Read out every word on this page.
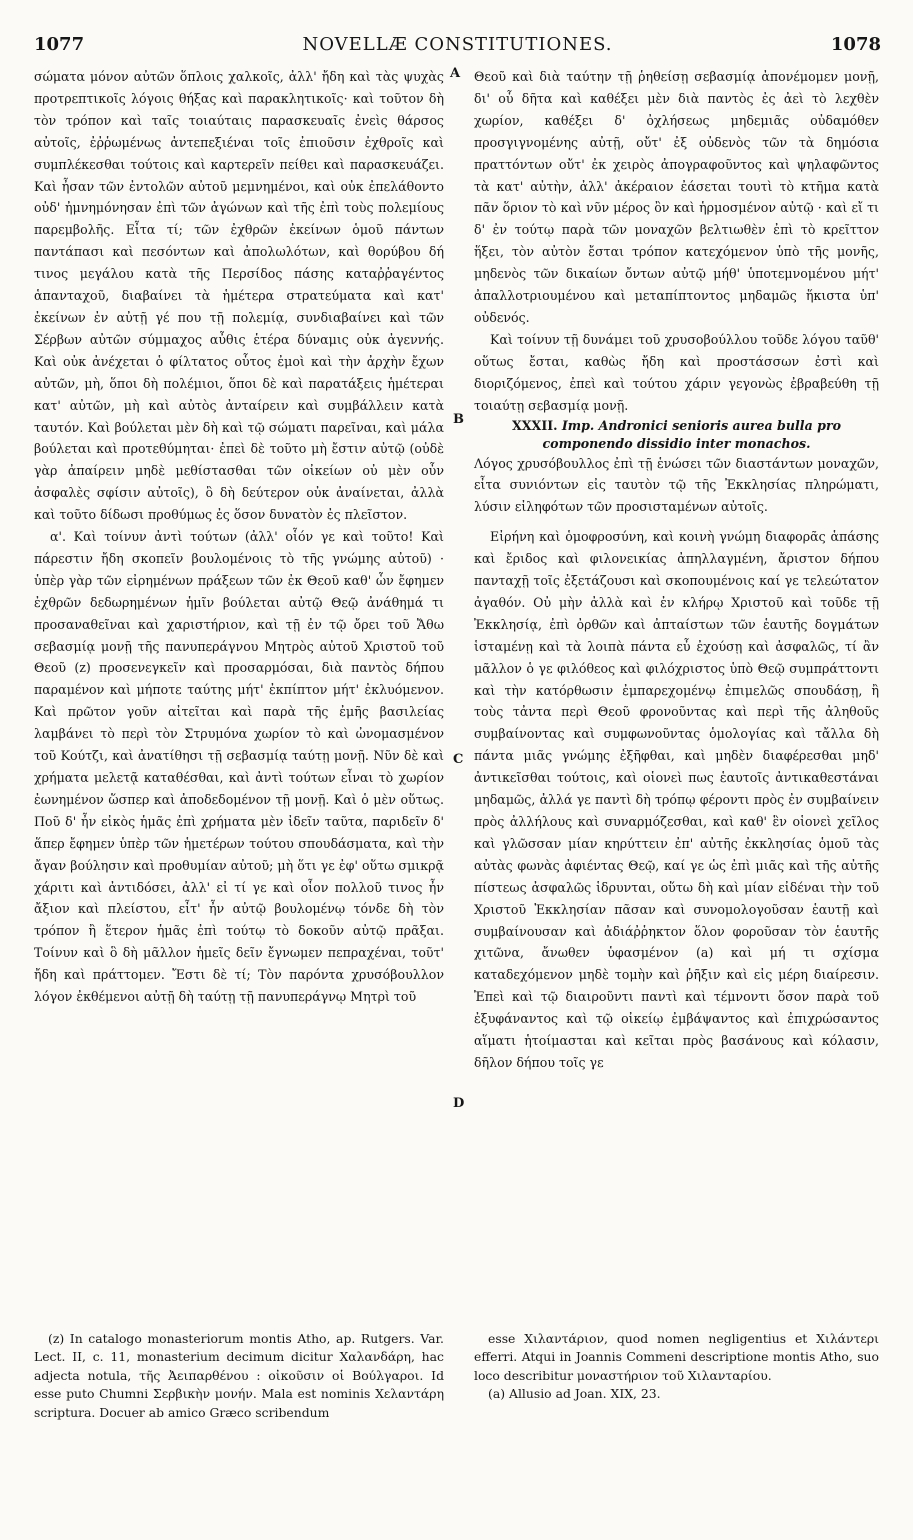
1077	NOVELLÆ CONSTITUTIONES.	1078
A
B
C
D

σώματα μόνον αὐτῶν ὅπλοις χαλκοῖς, ἀλλ' ἤδη καὶ τὰς ψυχὰς προτρεπτικοῖς λόγοις θήξας καὶ παρακλητικοῖς· καὶ τοῦτον δὴ τὸν τρόπον καὶ ταῖς τοιαύταις παρασκευαῖς ἐνεὶς θάρσος αὐτοῖς, ἐῤῥωμένως ἀντεπεξιέναι τοῖς ἐπιοῦσιν ἐχθροῖς καὶ συμπλέκεσθαι τούτοις καὶ καρτερεῖν πείθει καὶ παρασκευάζει. Καὶ ἦσαν τῶν ἐντολῶν αὐτοῦ μεμνημένοι, καὶ οὐκ ἐπελάθοντο οὐδ' ἠμνημόνησαν ἐπὶ τῶν ἀγώνων καὶ τῆς ἐπὶ τοὺς πολεμίους παρεμβολῆς. Εἶτα τί; τῶν ἐχθρῶν ἐκείνων ὁμοῦ πάντων παντάπασι καὶ πεσόντων καὶ ἀπολωλότων, καὶ θορύβου δή τινος μεγάλου κατὰ τῆς Περσίδος πάσης καταῤῥαγέντος ἁπανταχοῦ, διαβαίνει τὰ ἡμέτερα στρατεύματα καὶ κατ' ἐκείνων ἐν αὐτῇ γέ που τῇ πολεμίᾳ, συνδιαβαίνει καὶ τῶν Σέρβων αὐτῶν σύμμαχος αὖθις ἑτέρα δύναμις οὐκ ἀγεννής. Καὶ οὐκ ἀνέχεται ὁ φίλτατος οὗτος ἐμοὶ καὶ τὴν ἀρχὴν ἔχων αὐτῶν, μὴ, ὅποι δὴ πολέμιοι, ὅποι δὲ καὶ παρατάξεις ἡμέτεραι κατ' αὐτῶν, μὴ καὶ αὐτὸς ἀνταίρειν καὶ συμβάλλειν κατὰ ταυτόν. Καὶ βούλεται μὲν δὴ καὶ τῷ σώματι παρεῖναι, καὶ μάλα βούλεται καὶ προτεθύμηται· ἐπεὶ δὲ τοῦτο μὴ ἔστιν αὐτῷ (οὐδὲ γὰρ ἀπαίρειν μηδὲ μεθίστασθαι τῶν οἰκείων οὐ μὲν οὖν ἀσφαλὲς σφίσιν αὐτοῖς), ὃ δὴ δεύτερον οὐκ ἀναίνεται, ἀλλὰ καὶ τοῦτο δίδωσι προθύμως ἐς ὅσον δυνατὸν ἐς πλεῖστον.

α'. Καὶ τοίνυν ἀντὶ τούτων (ἀλλ' οἷόν γε καὶ τοῦτο! Καὶ πάρεστιν ἤδη σκοπεῖν βουλομένοις τὸ τῆς γνώμης αὐτοῦ) · ὑπὲρ γὰρ τῶν εἰρημένων πράξεων τῶν ἐκ Θεοῦ καθ' ὧν ἔφημεν ἐχθρῶν δεδωρημένων ἡμῖν βούλεται αὐτῷ Θεῷ ἀνάθημά τι προσαναθεῖναι καὶ χαριστήριον, καὶ τῇ ἐν τῷ ὄρει τοῦ Ἄθω σεβασμίᾳ μονῇ τῆς πανυπεράγνου Μητρὸς αὐτοῦ Χριστοῦ τοῦ Θεοῦ (z) προσενεγκεῖν καὶ προσαρμόσαι, διὰ παντὸς δήπου παραμένον καὶ μήποτε ταύτης μήτ' ἐκπίπτον μήτ' ἐκλυόμενον. Καὶ πρῶτον γοῦν αἰτεῖται καὶ παρὰ τῆς ἐμῆς βασιλείας λαμβάνει τὸ περὶ τὸν Στρυμόνα χωρίον τὸ καὶ ὠνομασμένον τοῦ Κούτζι, καὶ ἀνατίθησι τῇ σεβασμίᾳ ταύτῃ μονῇ. Νῦν δὲ καὶ χρήματα μελετᾷ καταθέσθαι, καὶ ἀντὶ τούτων εἶναι τὸ χωρίον ἐωνημένον ὥσπερ καὶ ἀποδεδομένον τῇ μονῇ. Καὶ ὁ μὲν οὕτως. Ποῦ δ' ἦν εἰκὸς ἡμᾶς ἐπὶ χρήματα μὲν ἰδεῖν ταῦτα, παριδεῖν δ' ἅπερ ἔφημεν ὑπὲρ τῶν ἡμετέρων τούτου σπουδάσματα, καὶ τὴν ἄγαν βούλησιν καὶ προθυμίαν αὐτοῦ; μὴ ὅτι γε ἐφ' οὕτω σμικρᾷ χάριτι καὶ ἀντιδόσει, ἀλλ' εἰ τί γε καὶ οἷον πολλοῦ τινος ἦν ἄξιον καὶ πλείστου, εἶτ' ἦν αὐτῷ βουλομένῳ τόνδε δὴ τὸν τρόπον ἢ ἕτερον ἡμᾶς ἐπὶ τούτῳ τὸ δοκοῦν αὐτῷ πρᾶξαι. Τοίνυν καὶ ὃ δὴ μᾶλλον ἡμεῖς δεῖν ἔγνωμεν πεπραχέναι, τοῦτ' ἤδη καὶ πράττομεν. Ἔστι δὲ τί; Τὸν παρόντα χρυσόβουλλον λόγον ἐκθέμενοι αὐτῇ δὴ ταύτῃ τῇ πανυπεράγνῳ Μητρὶ τοῦ

Θεοῦ καὶ διὰ ταύτην τῇ ῥηθείσῃ σεβασμίᾳ ἀπονέμομεν μονῇ, δι' οὗ δῆτα καὶ καθέξει μὲν διὰ παντὸς ἐς ἀεὶ τὸ λεχθὲν χωρίον, καθέξει δ' ὀχλήσεως μηδεμιᾶς οὐδαμόθεν προσγιγνομένης αὐτῇ, οὔτ' ἐξ οὐδενὸς τῶν τὰ δημόσια πραττόντων οὔτ' ἐκ χειρὸς ἀπογραφοῦντος καὶ ψηλαφῶντος τὰ κατ' αὐτὴν, ἀλλ' ἀκέραιον ἐάσεται τουτὶ τὸ κτῆμα κατὰ πᾶν ὅριον τὸ καὶ νῦν μέρος ὂν καὶ ἡρμοσμένον αὐτῷ · καὶ εἴ τι δ' ἐν τούτῳ παρὰ τῶν μοναχῶν βελτιωθὲν ἐπὶ τὸ κρεῖττον ἥξει, τὸν αὐτὸν ἔσται τρόπον κατεχόμενον ὑπὸ τῆς μονῆς, μηδενὸς τῶν δικαίων ὄντων αὐτῷ μήθ' ὑποτεμνομένου μήτ' ἀπαλλοτριουμένου καὶ μεταπίπτοντος μηδαμῶς ἥκιστα ὑπ' οὐδενός.

Καὶ τοίνυν τῇ δυνάμει τοῦ χρυσοβούλλου τοῦδε λόγου ταῦθ' οὕτως ἔσται, καθὼς ἤδη καὶ προστάσσων ἐστὶ καὶ διοριζόμενος, ἐπεὶ καὶ τούτου χάριν γεγονὼς ἐβραβεύθη τῇ τοιαύτῃ σεβασμίᾳ μονῇ.

XXXII. Imp. Andronici senioris aurea bulla pro componendo dissidio inter monachos.

Λόγος χρυσόβουλλος ἐπὶ τῇ ἑνώσει τῶν διαστάντων μοναχῶν, εἶτα συνιόντων εἰς ταυτὸν τῷ τῆς Ἐκκλησίας πληρώματι, λύσιν εἰληφότων τῶν προσισταμένων αὐτοῖς.

Εἰρήνη καὶ ὁμοφροσύνη, καὶ κοινὴ γνώμη διαφορᾶς ἁπάσης καὶ ἔριδος καὶ φιλονεικίας ἀπηλλαγμένη, ἄριστον δήπου πανταχῇ τοῖς ἐξετάζουσι καὶ σκοπουμένοις καί γε τελεώτατον ἀγαθόν. Οὐ μὴν ἀλλὰ καὶ ἐν κλήρῳ Χριστοῦ καὶ τοῦδε τῇ Ἐκκλησίᾳ, ἐπὶ ὀρθῶν καὶ ἀπταίστων τῶν ἑαυτῆς δογμάτων ἱσταμένῃ καὶ τὰ λοιπὰ πάντα εὖ ἐχούσῃ καὶ ἀσφαλῶς, τί ἂν μᾶλλον ὁ γε φιλόθεος καὶ φιλόχριστος ὑπὸ Θεῷ συμπράττοντι καὶ τὴν κατόρθωσιν ἐμπαρεχομένῳ ἐπιμελῶς σπουδάσῃ, ἢ τοὺς τἀντα περὶ Θεοῦ φρονοῦντας καὶ περὶ τῆς ἀληθοῦς συμβαίνοντας καὶ συμφωνοῦντας ὁμολογίας καὶ τἄλλα δὴ πάντα μιᾶς γνώμης ἐξῆφθαι, καὶ μηδὲν διαφέρεσθαι μηδ' ἀντικεῖσθαι τούτοις, καὶ οἱονεὶ πως ἑαυτοῖς ἀντικαθεστάναι μηδαμῶς, ἀλλά γε παντὶ δὴ τρόπῳ φέροντι πρὸς ἐν συμβαίνειν πρὸς ἀλλήλους καὶ συναρμόζεσθαι, καὶ καθ' ἓν οἱονεὶ χεῖλος καὶ γλῶσσαν μίαν κηρύττειν ἐπ' αὐτῆς ἐκκλησίας ὁμοῦ τὰς αὐτὰς φωνὰς ἀφιέντας Θεῷ, καί γε ὡς ἐπὶ μιᾶς καὶ τῆς αὐτῆς πίστεως ἀσφαλῶς ἱδρυνται, οὕτω δὴ καὶ μίαν εἰδέναι τὴν τοῦ Χριστοῦ Ἐκκλησίαν πᾶσαν καὶ συνομολογοῦσαν ἑαυτῇ καὶ συμβαίνουσαν καὶ ἀδιάῤῥηκτον ὅλον φοροῦσαν τὸν ἑαυτῆς χιτῶνα, ἄνωθεν ὑφασμένον (a) καὶ μή τι σχίσμα καταδεχόμενον μηδὲ τομὴν καὶ ῥῆξιν καὶ εἰς μέρη διαίρεσιν. Ἐπεὶ καὶ τῷ διαιροῦντι παντὶ καὶ τέμνοντι ὅσον παρὰ τοῦ ἐξυφάναντος καὶ τῷ οἰκείῳ ἐμβάψαντος καὶ ἐπιχρώσαντος αἵματι ἡτοίμασται καὶ κεῖται πρὸς βασάνους καὶ κόλασιν, δῆλον δήπου τοῖς γε

(z) In catalogo monasteriorum montis Atho, ap. Rutgers. Var. Lect. II, c. 11, monasterium decimum dicitur Χαλανδάρη, hac adjecta notula, τῆς Ἀειπαρθένου : οἰκοῦσιν οἱ Βούλγαροι. Id esse puto Chumni Σερβικὴν μονήν. Mala est nominis Χελαντάρη scriptura. Docuer ab amico Græco scribendum

esse Χιλαντάριον, quod nomen negligentius et Χιλάντερι efferri. Atqui in Joannis Commeni descriptione montis Atho, suo loco describitur μοναστήριον τοῦ Χιλανταρίου.

(a) Allusio ad Joan. XIX, 23.
